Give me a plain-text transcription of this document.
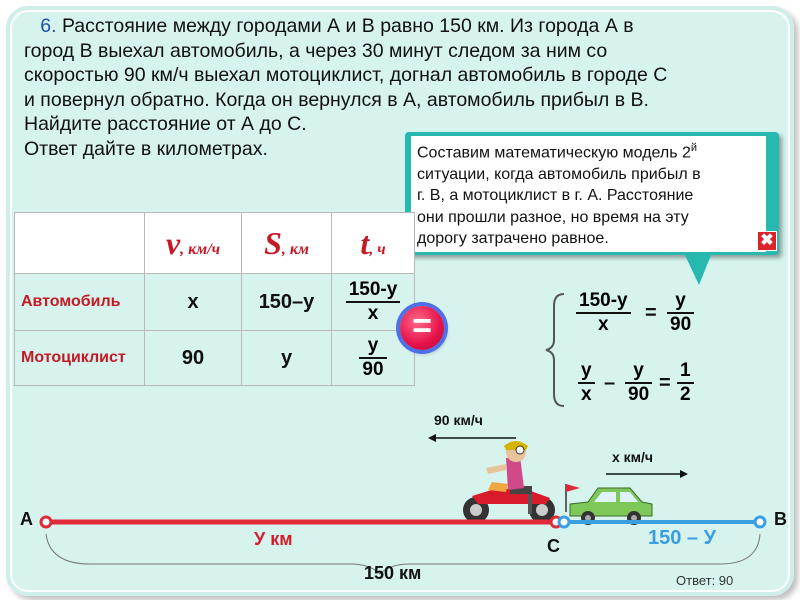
6. Расстояние между городами А и В равно 150 км. Из города А в
город В выехал автомобиль, а через 30 минут следом за ним со
скоростью 90 км/ч выехал мотоциклист, догнал автомобиль в городе С
и повернул обратно. Когда он вернулся в А, автомобиль прибыл в В.
Найдите расстояние от А до С.
Ответ дайте в километрах.	Составим математическую модель $2^й$
ситуации, когда автомобиль прибыл в
г. В, а мотоциклист в г. А. Расстояние
они прошли разное, но время на эту
дорогу затрачено равное.	✖
	v, км/ч	S, км	t, ч
Автомобиль	x	150–у	$\frac{150-у}{x}$

Мотоциклист	90	у	$\frac{у}{90}$
=	$\frac{150-у}{x} = \frac{у}{90}$
$\frac{у}{x} - \frac{у}{90} = \frac{1}{2}$
90 км/ч
x км/ч
А	В
С
У км	150 – У
150 км	Ответ: 90
